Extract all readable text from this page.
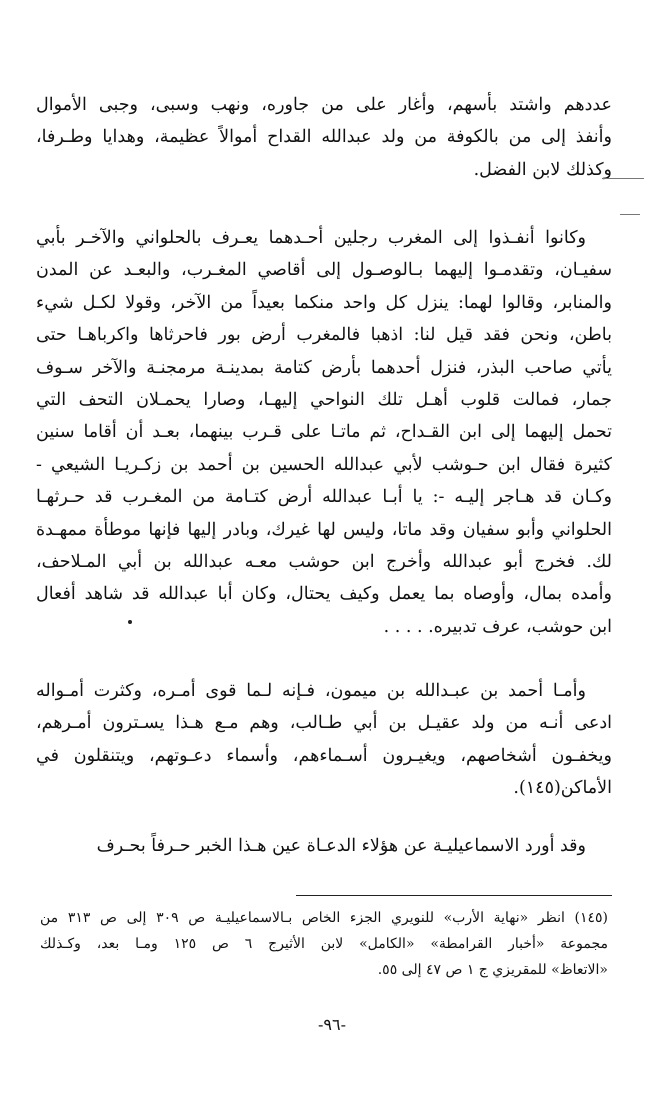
عددهم واشتد بأسهم، وأغار على من جاوره، ونهب وسبى، وجبى الأموال
وأنفذ إلى من بالكوفة من ولد عبدالله القداح أموالاً عظيمة، وهدايا وطـرفا،
وكذلك لابن الفضل.
وكانوا أنفـذوا إلى المغرب رجلين أحـدهما يعـرف بالحلواني والآخـر بأبي
سفيـان، وتقدمـوا إليهما بـالوصـول إلى أقاصي المغـرب، والبعـد عن المدن
والمنابر، وقالوا لهما: ينزل كل واحد منكما بعيداً من الآخر، وقولا لكـل شيء
باطن، ونحن فقد قيل لنا: اذهبا فالمغرب أرض بور فاحرثاها واكرباهـا حتى
يأتي صاحب البذر، فنزل أحدهما بأرض كتامة بمدينـة مرمجنـة والآخر سـوف
جمار، فمالت قلوب أهـل تلك النواحي إليهـا، وصارا يحمـلان التحف التي
تحمل إليهما إلى ابن القـداح، ثم ماتـا على قـرب بينهما، بعـد أن أقاما سنين
كثيرة فقال ابن حـوشب لأبي عبدالله الحسين بن أحمد بن زكـريـا الشيعي -
وكـان قد هـاجر إليـه -: يا أبـا عبدالله أرض كتـامة من المغـرب قد حـرثهـا
الحلواني وأبو سفيان وقد ماتا، وليس لها غيرك، وبادر إليها فإنها موطأة ممهـدة
لك. فخرج أبو عبدالله وأخرج ابن حوشب معـه عبدالله بن أبي المـلاحف،
وأمده بمال، وأوصاه بما يعمل وكيف يحتال، وكان أبا عبدالله قد شاهد أفعال
ابن حوشب، عرف تدبيره. . . . .
وأمـا أحمد بن عبـدالله بن ميمون، فـإنه لـما قوى أمـره، وكثرت أمـواله
ادعى أنـه من ولد عقيـل بن أبي طـالب، وهم مـع هـذا يسـترون أمـرهم،
ويخفـون أشخاصهم، ويغيـرون أسـماءهم، وأسماء دعـوتهم، ويتنقلون في
الأماكن(١٤٥).
وقد أورد الاسماعيليـة عن هؤلاء الدعـاة عين هـذا الخبر حـرفاً بحـرف
(١٤٥) انظر «نهاية الأرب» للنويري الجزء الخاص بـالاسماعيليـة ص ٣٠٩ إلى ص ٣١٣ من
مجموعة «أخبار القرامطة» «الكامل» لابن الأثيرج ٦ ص ١٢٥ ومـا بعد، وكـذلك
«الاتعاظ» للمقريزي ج ١ ص ٤٧ إلى ٥٥.
-٩٦-
